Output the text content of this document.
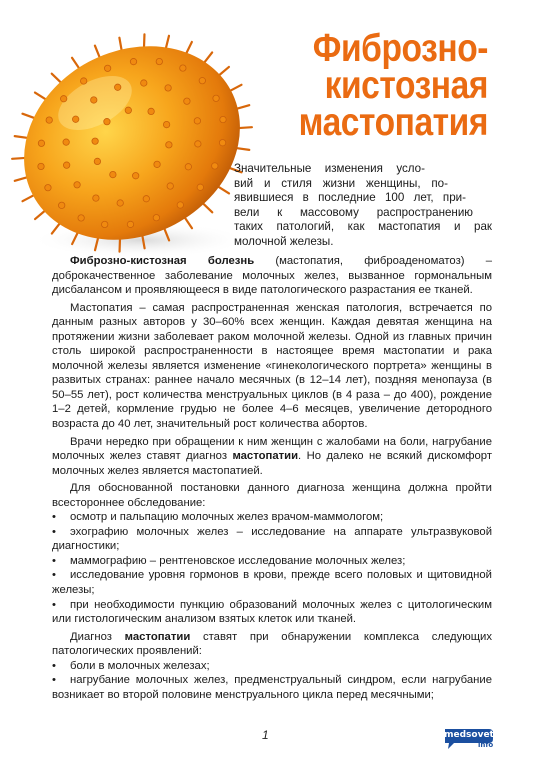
Фиброзно-
кистозная
мастопатия
Значительные изменения усло-
вий и стиля жизни женщины, по-
явившиеся в последние 100 лет, при-
вели к массовому распространению
таких патологий, как мастопатия и рак
молочной железы.

Фиброзно-кистозная болезнь (мастопатия, фиброаденоматоз) – доброкачественное заболевание молочных желез, вызванное гормональным дисбалансом и проявляющееся в виде патологического разрастания ее тканей.

Мастопатия – самая распространенная женская патология, встречается по данным разных авторов у 30–60% всех женщин. Каждая девятая женщина на протяжении жизни заболевает раком молочной железы. Одной из главных причин столь широкой распространенности в настоящее время мастопатии и рака молочной железы является изменение «гинекологического портрета» женщины в развитых странах: раннее начало месячных (в 12–14 лет), поздняя менопауза (в 50–55 лет), рост количества менструальных циклов (в 4 раза – до 400), рождение 1–2 детей, кормление грудью не более 4–6 месяцев, увеличение детородного возраста до 40 лет, значительный рост количества абортов.

Врачи нередко при обращении к ним женщин с жалобами на боли, нагрубание молочных желез ставят диагноз мастопатии. Но далеко не всякий дискомфорт молочных желез является мастопатией.

Для обоснованной постановки данного диагноза женщина должна пройти всестороннее обследование:

• осмотр и пальпацию молочных желез врачом-маммологом;
•	эхографию молочных желез – исследование на аппарате ультразвуковой диагностики;
• маммографию – рентгеновское исследование молочных желез;
•	исследование уровня гормонов в крови, прежде всего половых и щитовидной железы;
•	при необходимости пункцию образований молочных желез с цитологическим или гистологическим анализом взятых клеток или тканей.

Диагноз мастопатии ставят при обнаружении комплекса следующих патологических проявлений:

• боли в молочных железах;
•	нагрубание молочных желез, предменструальный синдром, если нагрубание возникает во второй половине менструального цикла перед месячными;
1	medsovet
info
